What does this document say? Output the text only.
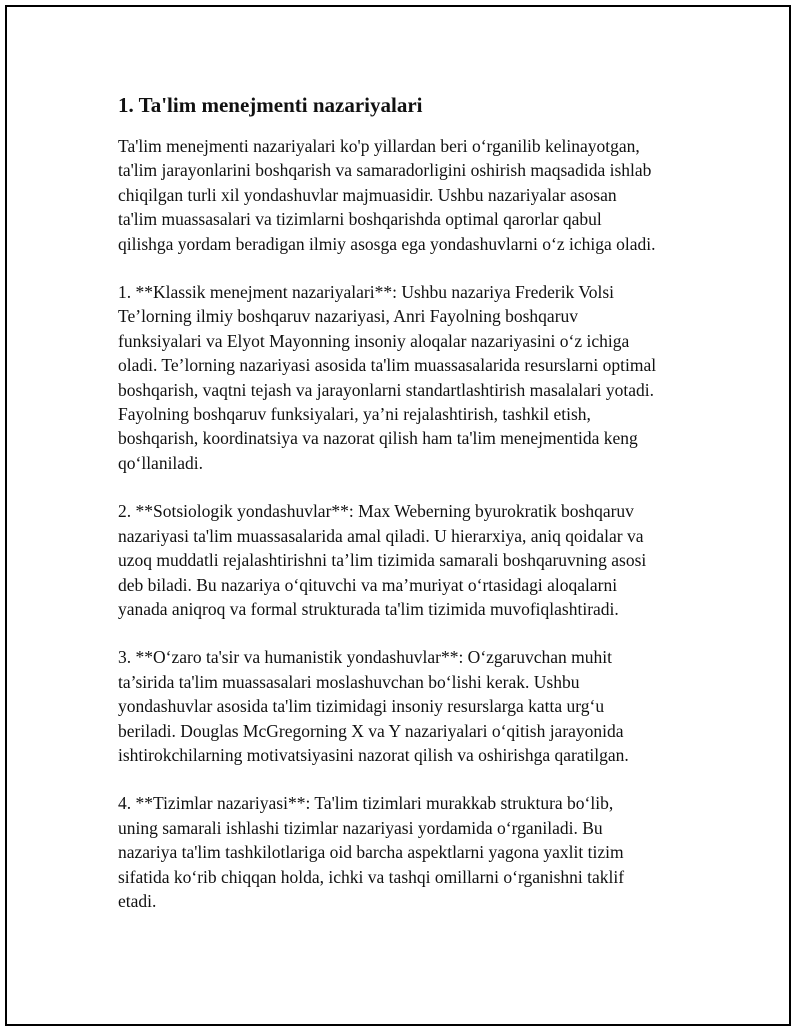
1. Ta'lim menejmenti nazariyalari
Ta'lim menejmenti nazariyalari ko'p yillardan beri o‘rganilib kelinayotgan,
ta'lim jarayonlarini boshqarish va samaradorligini oshirish maqsadida ishlab
chiqilgan turli xil yondashuvlar majmuasidir. Ushbu nazariyalar asosan
ta'lim muassasalari va tizimlarni boshqarishda optimal qarorlar qabul
qilishga yordam beradigan ilmiy asosga ega yondashuvlarni o‘z ichiga oladi.
1. **Klassik menejment nazariyalari**: Ushbu nazariya Frederik Volsi
Te’lorning ilmiy boshqaruv nazariyasi, Anri Fayolning boshqaruv
funksiyalari va Elyot Mayonning insoniy aloqalar nazariyasini o‘z ichiga
oladi. Te’lorning nazariyasi asosida ta'lim muassasalarida resurslarni optimal
boshqarish, vaqtni tejash va jarayonlarni standartlashtirish masalalari yotadi.
Fayolning boshqaruv funksiyalari, ya’ni rejalashtirish, tashkil etish,
boshqarish, koordinatsiya va nazorat qilish ham ta'lim menejmentida keng
qo‘llaniladi.
2. **Sotsiologik yondashuvlar**: Max Weberning byurokratik boshqaruv
nazariyasi ta'lim muassasalarida amal qiladi. U hierarxiya, aniq qoidalar va
uzoq muddatli rejalashtirishni ta’lim tizimida samarali boshqaruvning asosi
deb biladi. Bu nazariya o‘qituvchi va ma’muriyat o‘rtasidagi aloqalarni
yanada aniqroq va formal strukturada ta'lim tizimida muvofiqlashtiradi.
3. **O‘zaro ta'sir va humanistik yondashuvlar**: O‘zgaruvchan muhit
ta’sirida ta'lim muassasalari moslashuvchan bo‘lishi kerak. Ushbu
yondashuvlar asosida ta'lim tizimidagi insoniy resurslarga katta urg‘u
beriladi. Douglas McGregorning X va Y nazariyalari o‘qitish jarayonida
ishtirokchilarning motivatsiyasini nazorat qilish va oshirishga qaratilgan.
4. **Tizimlar nazariyasi**: Ta'lim tizimlari murakkab struktura bo‘lib,
uning samarali ishlashi tizimlar nazariyasi yordamida o‘rganiladi. Bu
nazariya ta'lim tashkilotlariga oid barcha aspektlarni yagona yaxlit tizim
sifatida ko‘rib chiqqan holda, ichki va tashqi omillarni o‘rganishni taklif
etadi.
